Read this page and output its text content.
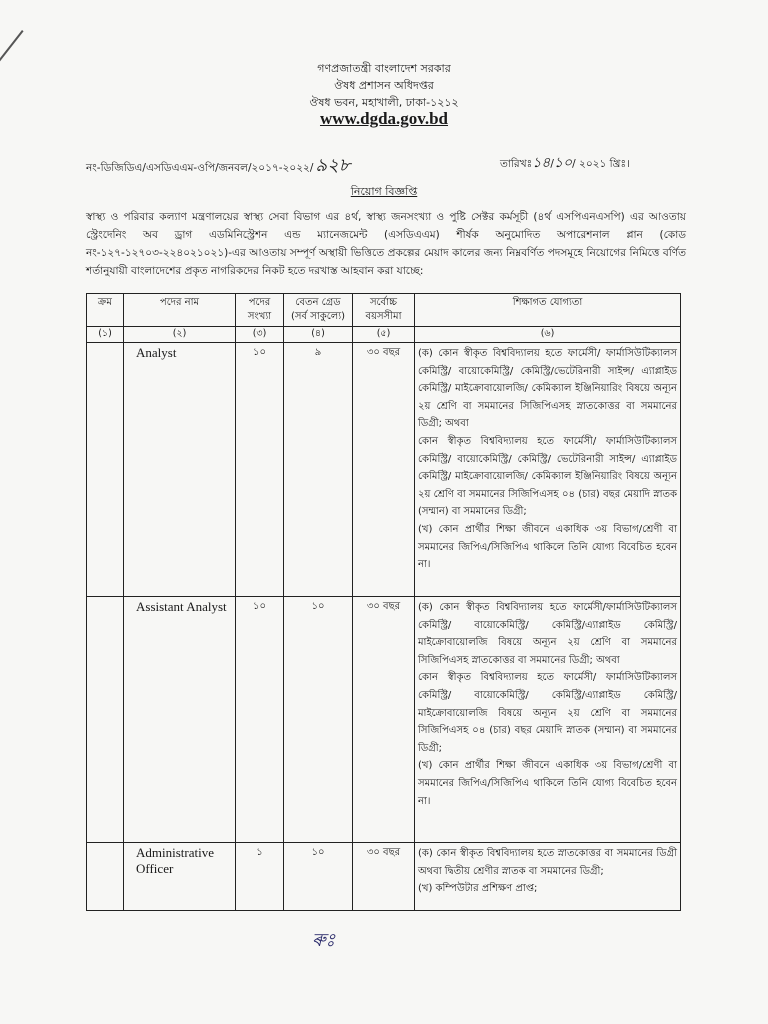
গণপ্রজাতন্ত্রী বাংলাদেশ সরকার
ঔষধ প্রশাসন অধিদপ্তর
ঔষধ ভবন, মহাখালী, ঢাকা-১২১২
www.dgda.gov.bd
নং-ডিজিডিএ/এসডিএএম-ওপি/জনবল/২০১৭-২০২২/ ৯২৮	তারিখঃ১৪/১০/ ২০২১ খ্রিঃ।
নিয়োগ বিজ্ঞপ্তি
স্বাস্থ্য ও পরিবার কল্যাণ মন্ত্রণালয়ের স্বাস্থ্য সেবা বিভাগ এর ৪র্থ, স্বাস্থ্য জনসংখ্যা ও পুষ্টি সেক্টর কর্মসূচী (৪র্থ এসপিএনএসপি) এর আওতায় স্ট্রেংদেনিং অব ড্রাগ এডমিনিস্ট্রেশন এন্ড ম্যানেজমেন্ট (এসডিএএম) শীর্ষক অনুমোদিত অপারেশনাল প্লান (কোড নং-১২৭-১২৭০৩-২২৪০২১০২১)-এর আওতায় সম্পূর্ণ অস্থায়ী ভিত্তিতে প্রকল্পের মেয়াদ কালের জন্য নিম্নবর্ণিত পদসমূহে নিয়োগের নিমিত্তে বর্ণিত শর্তানুযায়ী বাংলাদেশের প্রকৃত নাগরিকদের নিকট হতে দরখাস্ত আহবান করা যাচ্ছে:
ক্রম	পদের নাম	পদের সংখ্যা	বেতন গ্রেড (সর্ব সাকুল্যে)	সর্বোচ্চ বয়সসীমা	শিক্ষাগত যোগ্যতা
(১)	(২)	(৩)	(৪)	(৫)	(৬)
	Analyst	১০	৯	৩০ বছর	(ক) কোন স্বীকৃত বিশ্ববিদ্যালয় হতে ফার্মেসী/ ফার্মাসিউটিক্যালস কেমিস্ট্রি/ বায়োকেমিস্ট্রি/ কেমিস্ট্রি/ভেটেরিনারী সাইন্স/ এ্যাপ্লাইড কেমিস্ট্রি/ মাইক্রোবায়োলজি/ কেমিক্যাল ইঞ্জিনিয়ারিং বিষয়ে অন্যূন ২য় শ্রেণি বা সমমানের সিজিপিএসহ স্নাতকোত্তর বা সমমানের ডিগ্রী; অথবা
কোন স্বীকৃত বিশ্ববিদ্যালয় হতে ফার্মেসী/ ফার্মাসিউটিক্যালস কেমিস্ট্রি/ বায়োকেমিস্ট্রি/ কেমিস্ট্রি/ ভেটেরিনারী সাইন্স/ এ্যাপ্লাইড কেমিস্ট্রি/ মাইক্রোবায়োলজি/ কেমিক্যাল ইঞ্জিনিয়ারিং বিষয়ে অন্যূন ২য় শ্রেণি বা সমমানের সিজিপিএসহ ০৪ (চার) বছর মেয়াদি স্নাতক (সম্মান) বা সমমানের ডিগ্রী;
(খ) কোন প্রার্থীর শিক্ষা জীবনে একাধিক ৩য় বিভাগ/শ্রেণী বা সমমানের জিপিএ/সিজিপিএ থাকিলে তিনি যোগ্য বিবেচিত হবেন না।

	Assistant Analyst	১০	১০	৩০ বছর	(ক) কোন স্বীকৃত বিশ্ববিদ্যালয় হতে ফার্মেসী/ফার্মাসিউটিক্যালস কেমিস্ট্রি/ বায়োকেমিস্ট্রি/ কেমিস্ট্রি/এ্যাপ্লাইড কেমিস্ট্রি/ মাইক্রোবায়োলজি বিষয়ে অন্যূন ২য় শ্রেণি বা সমমানের সিজিপিএসহ স্নাতকোত্তর বা সমমানের ডিগ্রী; অথবা
কোন স্বীকৃত বিশ্ববিদ্যালয় হতে ফার্মেসী/ ফার্মাসিউটিক্যালস কেমিস্ট্রি/ বায়োকেমিস্ট্রি/ কেমিস্ট্রি/এ্যাপ্লাইড কেমিস্ট্রি/মাইক্রোবায়োলজি বিষয়ে অন্যূন ২য় শ্রেণি বা সমমানের সিজিপিএসহ ০৪ (চার) বছর মেয়াদি স্নাতক (সম্মান) বা সমমানের ডিগ্রী;
(খ) কোন প্রার্থীর শিক্ষা জীবনে একাধিক ৩য় বিভাগ/শ্রেণী বা সমমানের জিপিএ/সিজিপিএ থাকিলে তিনি যোগ্য বিবেচিত হবেন না।

	Administrative Officer	১	১০	৩০ বছর	(ক) কোন স্বীকৃত বিশ্ববিদ্যালয় হতে স্নাতকোত্তর বা সমমানের ডিগ্রী অথবা দ্বিতীয় শ্রেণীর স্নাতক বা সমমানের ডিগ্রী;
(খ) কম্পিউটার প্রশিক্ষণ প্রাপ্ত;
ৰুঃ
